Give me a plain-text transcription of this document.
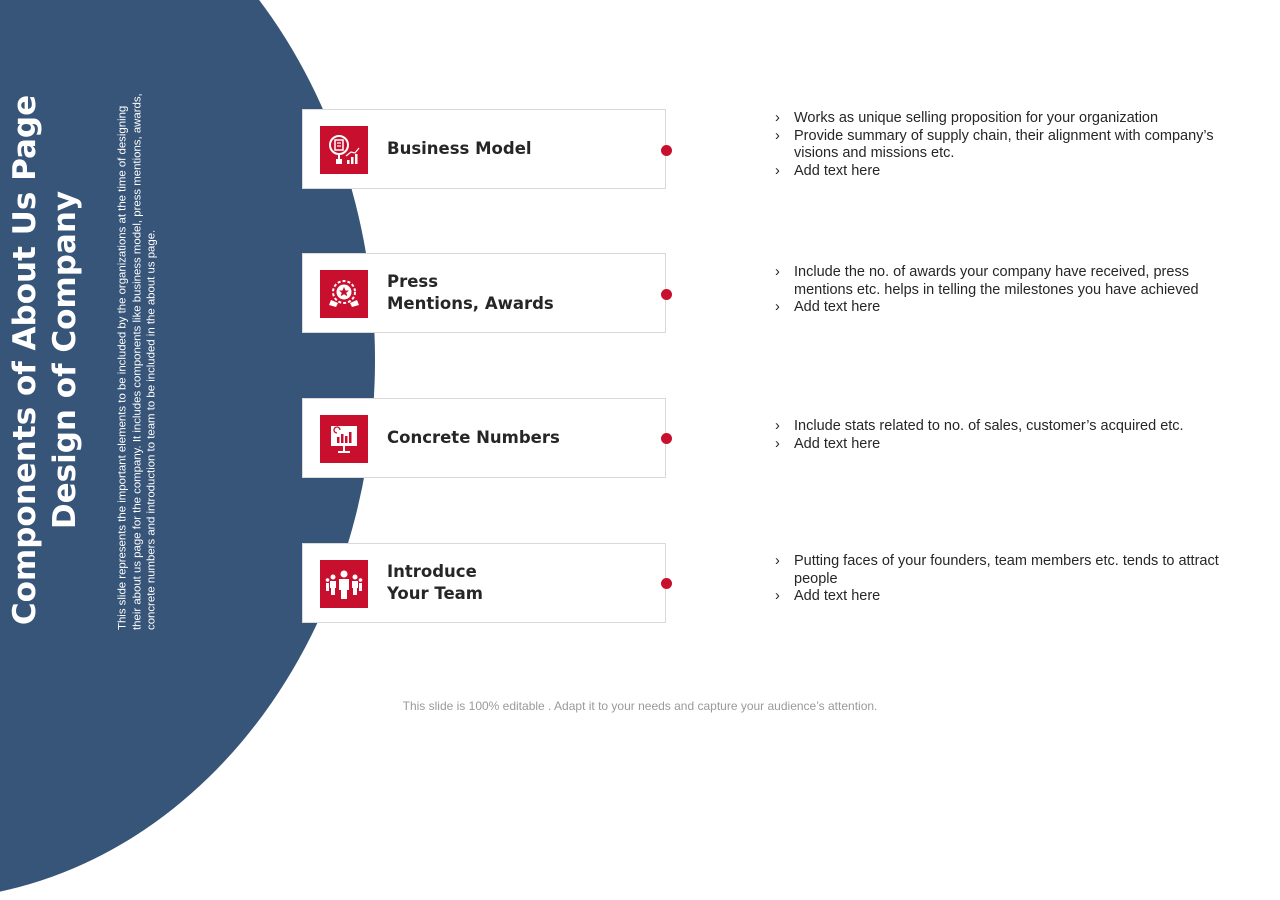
Components of About Us Page Design of Company	This slide represents the important elements to be included by the organizations at the time of designing their about us page for the company. It includes components like business model, press mentions, awards, concrete numbers and introduction to team to be included in the about us page.
Business Model
› Works as unique selling proposition for your organization
› Provide summary of supply chain, their alignment with company’s visions and missions etc.
› Add text here
Press
Mentions, Awards
› Include the no. of awards your company have received, press mentions etc. helps in telling the milestones you have achieved
› Add text here
Concrete Numbers
› Include stats related to no. of sales, customer’s acquired etc.
› Add text here
Introduce
Your Team
› Putting faces of your founders, team members etc. tends to attract people
› Add text here
This slide is 100% editable . Adapt it to your needs and capture your audience’s attention.
